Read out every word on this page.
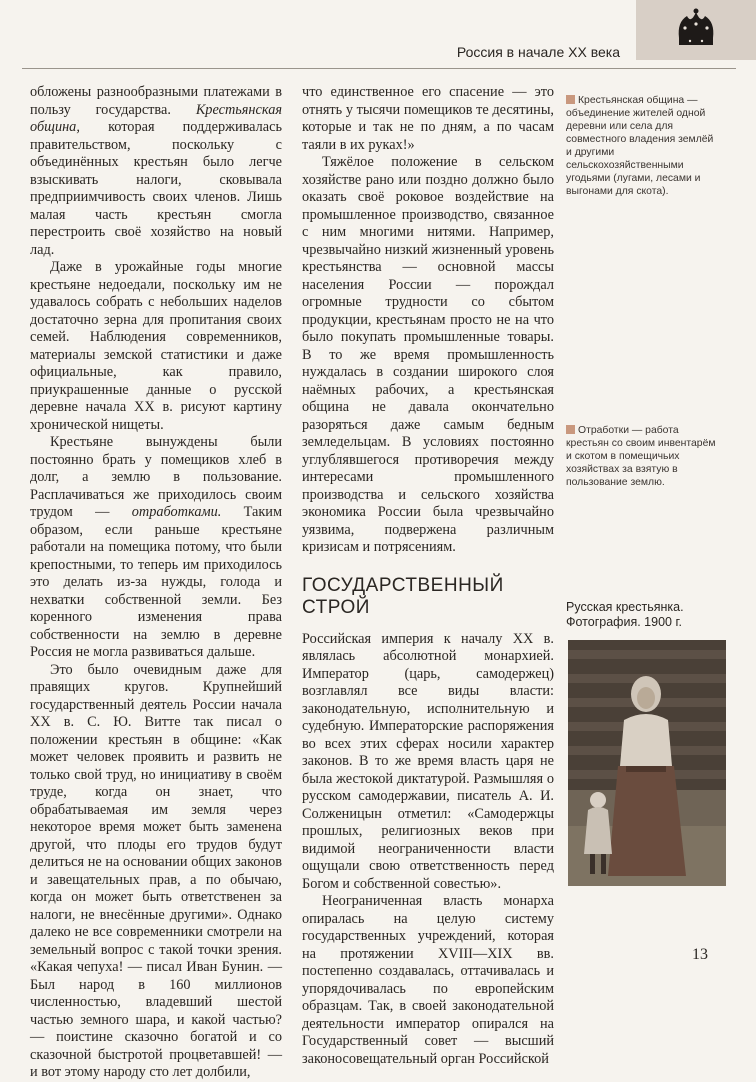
Россия в начале XX века

обложены разнообразными платежами в пользу государства. Крестьянская община, которая поддерживалась правительством, поскольку с объединённых крестьян было легче взыскивать налоги, сковывала предприимчивость своих членов. Лишь малая часть крестьян смогла перестроить своё хозяйство на новый лад.

Даже в урожайные годы многие крестьяне недоедали, поскольку им не удавалось собрать с небольших наделов достаточно зерна для пропитания своих семей. Наблюдения современников, материалы земской статистики и даже официальные, как правило, приукрашенные данные о русской деревне начала XX в. рисуют картину хронической нищеты.

Крестьяне вынуждены были постоянно брать у помещиков хлеб в долг, а землю в пользование. Расплачиваться же приходилось своим трудом — отработками. Таким образом, если раньше крестьяне работали на помещика потому, что были крепостными, то теперь им приходилось это делать из-за нужды, голода и нехватки собственной земли. Без коренного изменения права собственности на землю в деревне Россия не могла развиваться дальше.

Это было очевидным даже для правящих кругов. Крупнейший государственный деятель России начала XX в. С. Ю. Витте так писал о положении крестьян в общине: «Как может человек проявить и развить не только свой труд, но инициативу в своём труде, когда он знает, что обрабатываемая им земля через некоторое время может быть заменена другой, что плоды его трудов будут делиться не на основании общих законов и завещательных прав, а по обычаю, когда он может быть ответственен за налоги, не внесённые другими». Однако далеко не все современники смотрели на земельный вопрос с такой точки зрения. «Какая чепуха! — писал Иван Бунин. — Был народ в 160 миллионов численностью, владевший шестой частью земного шара, и какой частью? — поистине сказочно богатой и со сказочной быстротой процветавшей! — и вот этому народу сто лет долбили,

что единственное его спасение — это отнять у тысячи помещиков те десятины, которые и так не по дням, а по часам таяли в их руках!»

Тяжёлое положение в сельском хозяйстве рано или поздно должно было оказать своё роковое воздействие на промышленное производство, связанное с ним многими нитями. Например, чрезвычайно низкий жизненный уровень крестьянства — основной массы населения России — порождал огромные трудности со сбытом продукции, крестьянам просто не на что было покупать промышленные товары. В то же время промышленность нуждалась в создании широкого слоя наёмных рабочих, а крестьянская община не давала окончательно разоряться даже самым бедным земледельцам. В условиях постоянно углублявшегося противоречия между интересами промышленного производства и сельского хозяйства экономика России была чрезвычайно уязвима, подвержена различным кризисам и потрясениям.

ГОСУДАРСТВЕННЫЙ СТРОЙ

Российская империя к началу XX в. являлась абсолютной монархией. Император (царь, самодержец) возглавлял все виды власти: законодательную, исполнительную и судебную. Императорские распоряжения во всех этих сферах носили характер законов. В то же время власть царя не была жестокой диктатурой. Размышляя о русском самодержавии, писатель А. И. Солженицын отметил: «Самодержцы прошлых, религиозных веков при видимой неограниченности власти ощущали свою ответственность перед Богом и собственной совестью».

Неограниченная власть монарха опиралась на целую систему государственных учреждений, которая на протяжении XVIII—XIX вв. постепенно создавалась, оттачивалась и упорядочивалась по европейским образцам. Так, в своей законодательной деятельности император опирался на Государственный совет — высший законосовещательный орган Российской

Крестьянская община — объединение жителей одной деревни или села для совместного владения землёй и другими сельскохозяйственными угодьями (лугами, лесами и выгонами для скота).
Отработки — работа крестьян со своим инвентарём и скотом в помещичьих хозяйствах за взятую в пользование землю.
Русская крестьянка. Фотография. 1900 г.
13
